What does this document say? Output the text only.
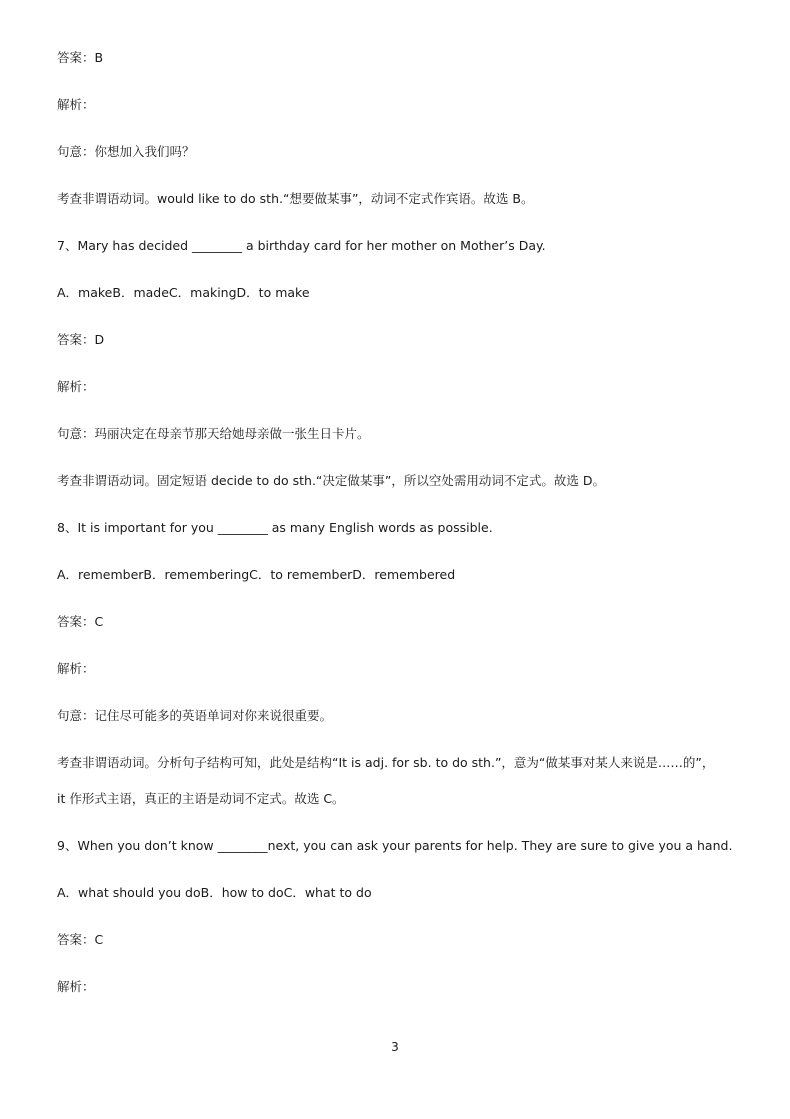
答案：B

解析：

句意：你想加入我们吗？

考查非谓语动词。would like to do sth.“想要做某事”，动词不定式作宾语。故选 B。

7、Mary has decided ________ a birthday card for her mother on Mother’s Day.

A．makeB．madeC．makingD．to make

答案：D

解析：

句意：玛丽决定在母亲节那天给她母亲做一张生日卡片。

考查非谓语动词。固定短语 decide to do sth.“决定做某事”，所以空处需用动词不定式。故选 D。

8、It is important for you ________ as many English words as possible.

A．rememberB．rememberingC．to rememberD．remembered

答案：C

解析：

句意：记住尽可能多的英语单词对你来说很重要。

考查非谓语动词。分析句子结构可知，此处是结构“It is adj. for sb. to do sth.”，意为“做某事对某人来说是……的”，

it 作形式主语，真正的主语是动词不定式。故选 C。

9、When you don’t know ________next, you can ask your parents for help. They are sure to give you a hand.

A．what should you doB．how to doC．what to do

答案：C

解析：

3
